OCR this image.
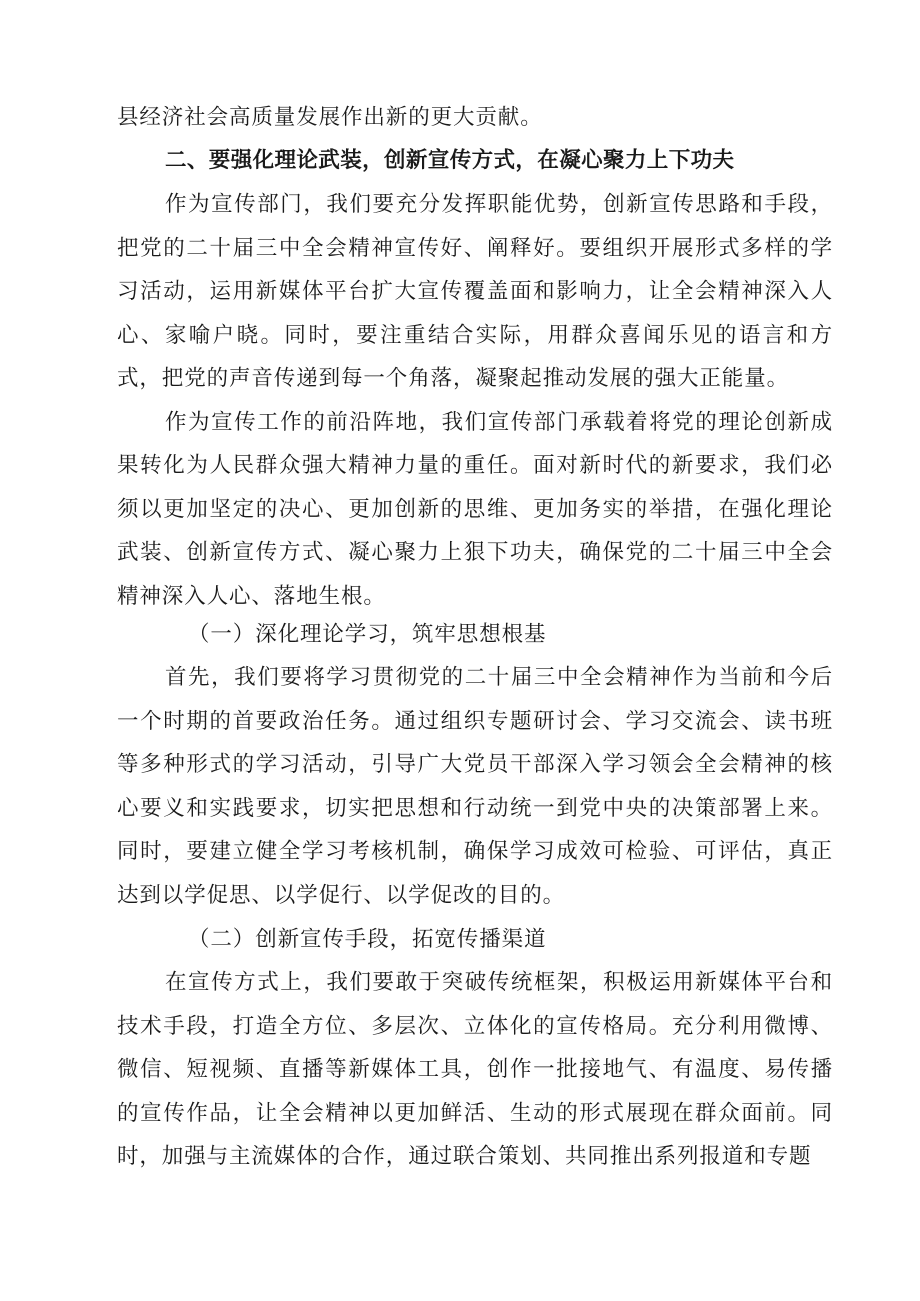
县经济社会高质量发展作出新的更大贡献。
二、要强化理论武装，创新宣传方式，在凝心聚力上下功夫

作为宣传部门，我们要充分发挥职能优势，创新宣传思路和手段，把党的二十届三中全会精神宣传好、阐释好。要组织开展形式多样的学习活动，运用新媒体平台扩大宣传覆盖面和影响力，让全会精神深入人心、家喻户晓。同时，要注重结合实际，用群众喜闻乐见的语言和方式，把党的声音传递到每一个角落，凝聚起推动发展的强大正能量。

作为宣传工作的前沿阵地，我们宣传部门承载着将党的理论创新成果转化为人民群众强大精神力量的重任。面对新时代的新要求，我们必须以更加坚定的决心、更加创新的思维、更加务实的举措，在强化理论武装、创新宣传方式、凝心聚力上狠下功夫，确保党的二十届三中全会精神深入人心、落地生根。

（一）深化理论学习，筑牢思想根基

首先，我们要将学习贯彻党的二十届三中全会精神作为当前和今后一个时期的首要政治任务。通过组织专题研讨会、学习交流会、读书班等多种形式的学习活动，引导广大党员干部深入学习领会全会精神的核心要义和实践要求，切实把思想和行动统一到党中央的决策部署上来。同时，要建立健全学习考核机制，确保学习成效可检验、可评估，真正达到以学促思、以学促行、以学促改的目的。

（二）创新宣传手段，拓宽传播渠道

在宣传方式上，我们要敢于突破传统框架，积极运用新媒体平台和技术手段，打造全方位、多层次、立体化的宣传格局。充分利用微博、微信、短视频、直播等新媒体工具，创作一批接地气、有温度、易传播的宣传作品，让全会精神以更加鲜活、生动的形式展现在群众面前。同时，加强与主流媒体的合作，通过联合策划、共同推出系列报道和专题
